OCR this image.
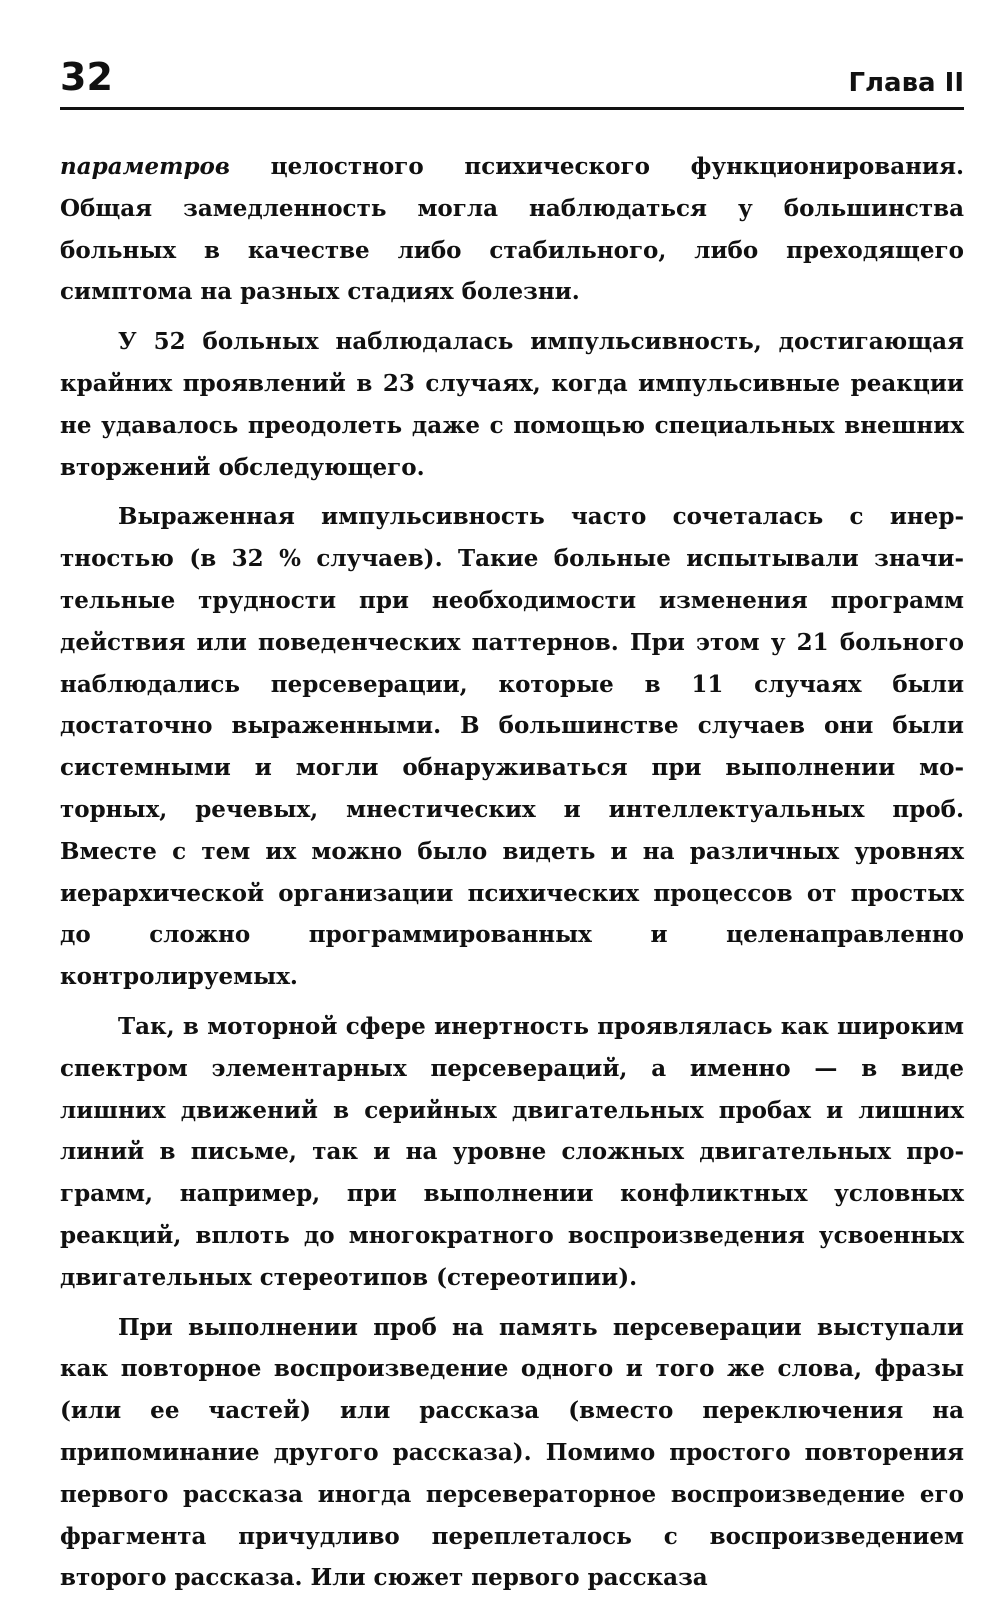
32	Глава II

параметров целостного психического функционирования. Общая замедленность могла наблюдаться у большинства больных в качестве либо стабильного, либо преходящего симптома на разных стадиях болезни.

У 52 больных наблюдалась импульсивность, достигающая крайних проявлений в 23 случаях, когда импульсивные реакции не удавалось преодолеть даже с помощью специальных внешних вторжений обследующего.

Выраженная импульсивность часто сочеталась с инертностью (в 32 % случаев). Такие больные испытывали значительные трудности при необходимости изменения программ действия или поведенческих паттернов. При этом у 21 больного наблюдались персеверации, которые в 11 случаях были достаточно выраженными. В большинстве случаев они были системными и могли обнаруживаться при выполнении моторных, речевых, мнестических и интеллектуальных проб. Вместе с тем их можно было видеть и на различных уровнях иерархической организации психических процессов от простых до сложно программированных и целенаправленно контролируемых.

Так, в моторной сфере инертность проявлялась как широким спектром элементарных персевераций, а именно — в виде лишних движений в серийных двигательных пробах и лишних линий в письме, так и на уровне сложных двигательных программ, например, при выполнении конфликтных условных реакций, вплоть до многократного воспроизведения усвоенных двигательных стереотипов (стереотипии).

При выполнении проб на память персеверации выступали как повторное воспроизведение одного и того же слова, фразы (или ее частей) или рассказа (вместо переключения на припоминание другого рассказа). Помимо простого повторения первого рассказа иногда персевераторное воспроизведение его фрагмента причудливо переплеталось с воспроизведением второго рассказа. Или сюжет первого рассказа
